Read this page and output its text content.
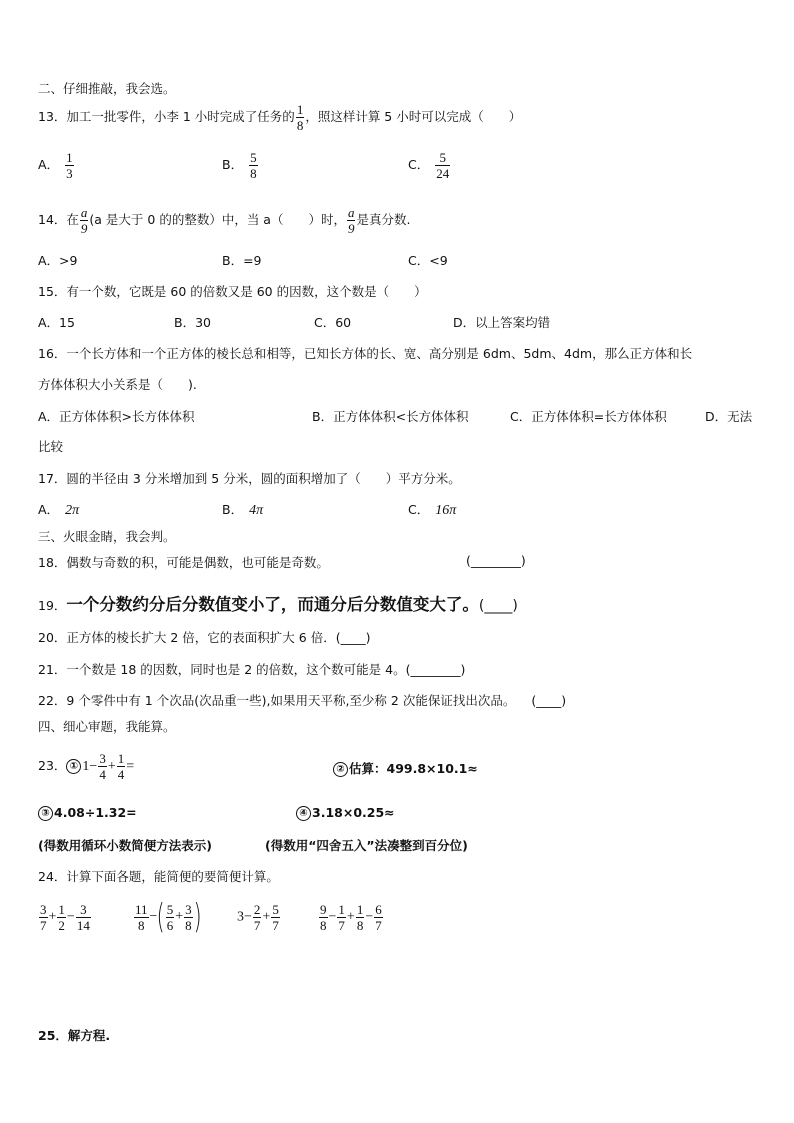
二、仔细推敲，我会选。
13．加工一批零件，小李 1 小时完成了任务的 $\frac{1}{8}$ ，照这样计算 5 小时可以完成（　　）
A． $\frac{1}{3}$	B． $\frac{5}{8}$	C． $\frac{5}{24}$
14．在 $\frac{a}{9} (a$ 是大于 0 的的整数）中，当 a（　　）时， $\frac{a}{9}$ 是真分数.
A．>9	B．=9	C．<9
15．有一个数，它既是 60 的倍数又是 60 的因数，这个数是（　　）
A．15	B．30	C．60	D．以上答案均错
16．一个长方体和一个正方体的棱长总和相等，已知长方体的长、宽、高分别是 6dm、5dm、4dm，那么正方体和长
方体体积大小关系是（　　).
A．正方体体积>长方体体积	B．正方体体积<长方体体积	C．正方体体积=长方体体积	D．无法
比较
17．圆的半径由 3 分米增加到 5 分米，圆的面积增加了（　　）平方分米。
A． 2π	B． 4π	C． 16π
三、火眼金睛，我会判。
18．偶数与奇数的积，可能是偶数，也可能是奇数。	(________)
19．一个分数约分后分数值变小了，而通分后分数值变大了。(____)
20．正方体的棱长扩大 2 倍，它的表面积扩大 6 倍．(____)
21．一个数是 18 的因数，同时也是 2 的倍数，这个数可能是 4。(________)
22．9 个零件中有 1 个次品(次品重一些),如果用天平称,至少称 2 次能保证找出次品。 (____)
四、细心审题，我能算。
23． ① $1- \frac{3}{4} + \frac{1}{4}$ =	② 估算：499.8×10.1≈
③ 4.08÷1.32=	④ 3.18×0.25≈
(得数用循环小数简便方法表示)	(得数用“四舍五入”法凑整到百分位)
24．计算下面各题，能简便的要简便计算。
$\frac{3}{7} + \frac{1}{2} - \frac{3}{14}$	$\frac{11}{8}$ −( $\frac{5}{6} + \frac{3}{8}$ )	$3- \frac{2}{7} + \frac{5}{7}$	$\frac{9}{8} - \frac{1}{7} + \frac{1}{8} - \frac{6}{7}$
25．解方程.
